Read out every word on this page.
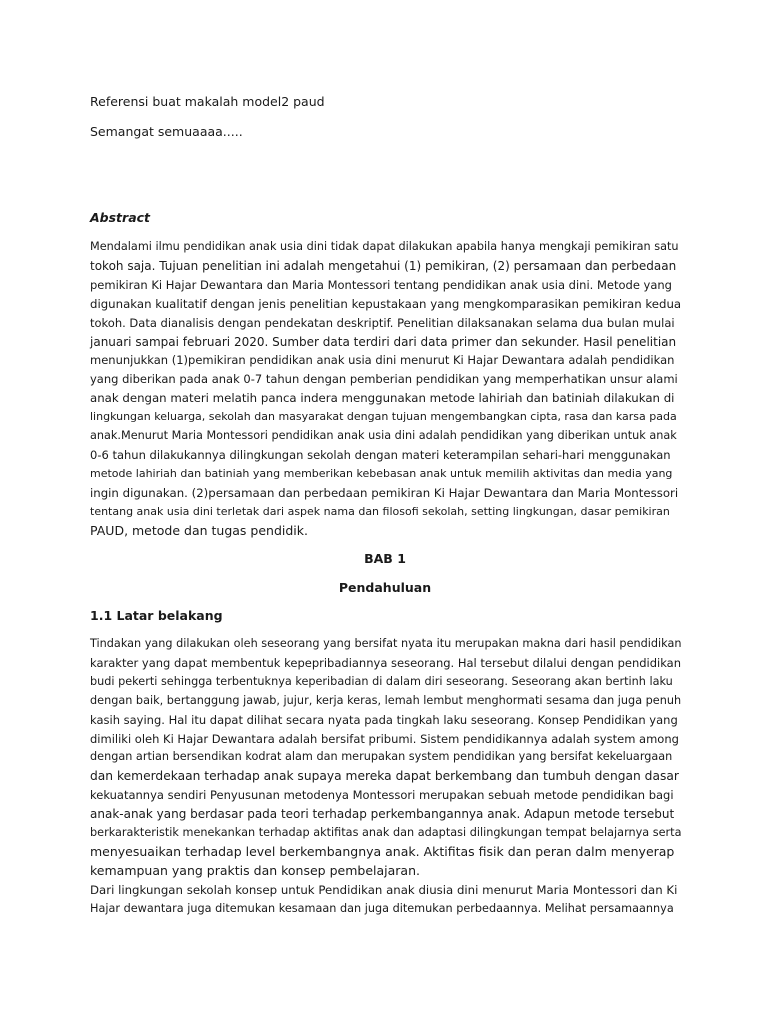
Referensi buat makalah model2 paud
Semangat semuaaaa.....
Abstract
Mendalami ilmu pendidikan anak usia dini tidak dapat dilakukan apabila hanya mengkaji pemikiran satu
tokoh saja. Tujuan penelitian ini adalah mengetahui (1) pemikiran, (2) persamaan dan perbedaan
pemikiran Ki Hajar Dewantara dan Maria Montessori tentang pendidikan anak usia dini. Metode yang
digunakan kualitatif dengan jenis penelitian kepustakaan yang mengkomparasikan pemikiran kedua
tokoh. Data dianalisis dengan pendekatan deskriptif. Penelitian dilaksanakan selama dua bulan mulai
januari sampai februari 2020. Sumber data terdiri dari data primer dan sekunder. Hasil penelitian
menunjukkan (1)pemikiran pendidikan anak usia dini menurut Ki Hajar Dewantara adalah pendidikan
yang diberikan pada anak 0-7 tahun dengan pemberian pendidikan yang memperhatikan unsur alami
anak dengan materi melatih panca indera menggunakan metode lahiriah dan batiniah dilakukan di
lingkungan keluarga, sekolah dan masyarakat dengan tujuan mengembangkan cipta, rasa dan karsa pada
anak.Menurut Maria Montessori pendidikan anak usia dini adalah pendidikan yang diberikan untuk anak
0-6 tahun dilakukannya dilingkungan sekolah dengan materi keterampilan sehari-hari menggunakan
metode lahiriah dan batiniah yang memberikan kebebasan anak untuk memilih aktivitas dan media yang
ingin digunakan. (2)persamaan dan perbedaan pemikiran Ki Hajar Dewantara dan Maria Montessori
tentang anak usia dini terletak dari aspek nama dan filosofi sekolah, setting lingkungan, dasar pemikiran
PAUD, metode dan tugas pendidik.
BAB 1
Pendahuluan
1.1 Latar belakang
Tindakan yang dilakukan oleh seseorang yang bersifat nyata itu merupakan makna dari hasil pendidikan
karakter yang dapat membentuk kepepribadiannya seseorang. Hal tersebut dilalui dengan pendidikan
budi pekerti sehingga terbentuknya keperibadian di dalam diri seseorang. Seseorang akan bertinh laku
dengan baik, bertanggung jawab, jujur, kerja keras, lemah lembut menghormati sesama dan juga penuh
kasih saying. Hal itu dapat dilihat secara nyata pada tingkah laku seseorang. Konsep Pendidikan yang
dimiliki oleh Ki Hajar Dewantara adalah bersifat pribumi. Sistem pendidikannya adalah system among
dengan artian bersendikan kodrat alam dan merupakan system pendidikan yang bersifat kekeluargaan
dan kemerdekaan terhadap anak supaya mereka dapat berkembang dan tumbuh dengan dasar
kekuatannya sendiri Penyusunan metodenya Montessori merupakan sebuah metode pendidikan bagi
anak-anak yang berdasar pada teori terhadap perkembangannya anak. Adapun metode tersebut
berkarakteristik menekankan terhadap aktifitas anak dan adaptasi dilingkungan tempat belajarnya serta
menyesuaikan terhadap level berkembangnya anak. Aktifitas fisik dan peran dalm menyerap
kemampuan yang praktis dan konsep pembelajaran.
Dari lingkungan sekolah konsep untuk Pendidikan anak diusia dini menurut Maria Montessori dan Ki
Hajar dewantara juga ditemukan kesamaan dan juga ditemukan perbedaannya. Melihat persamaannya
